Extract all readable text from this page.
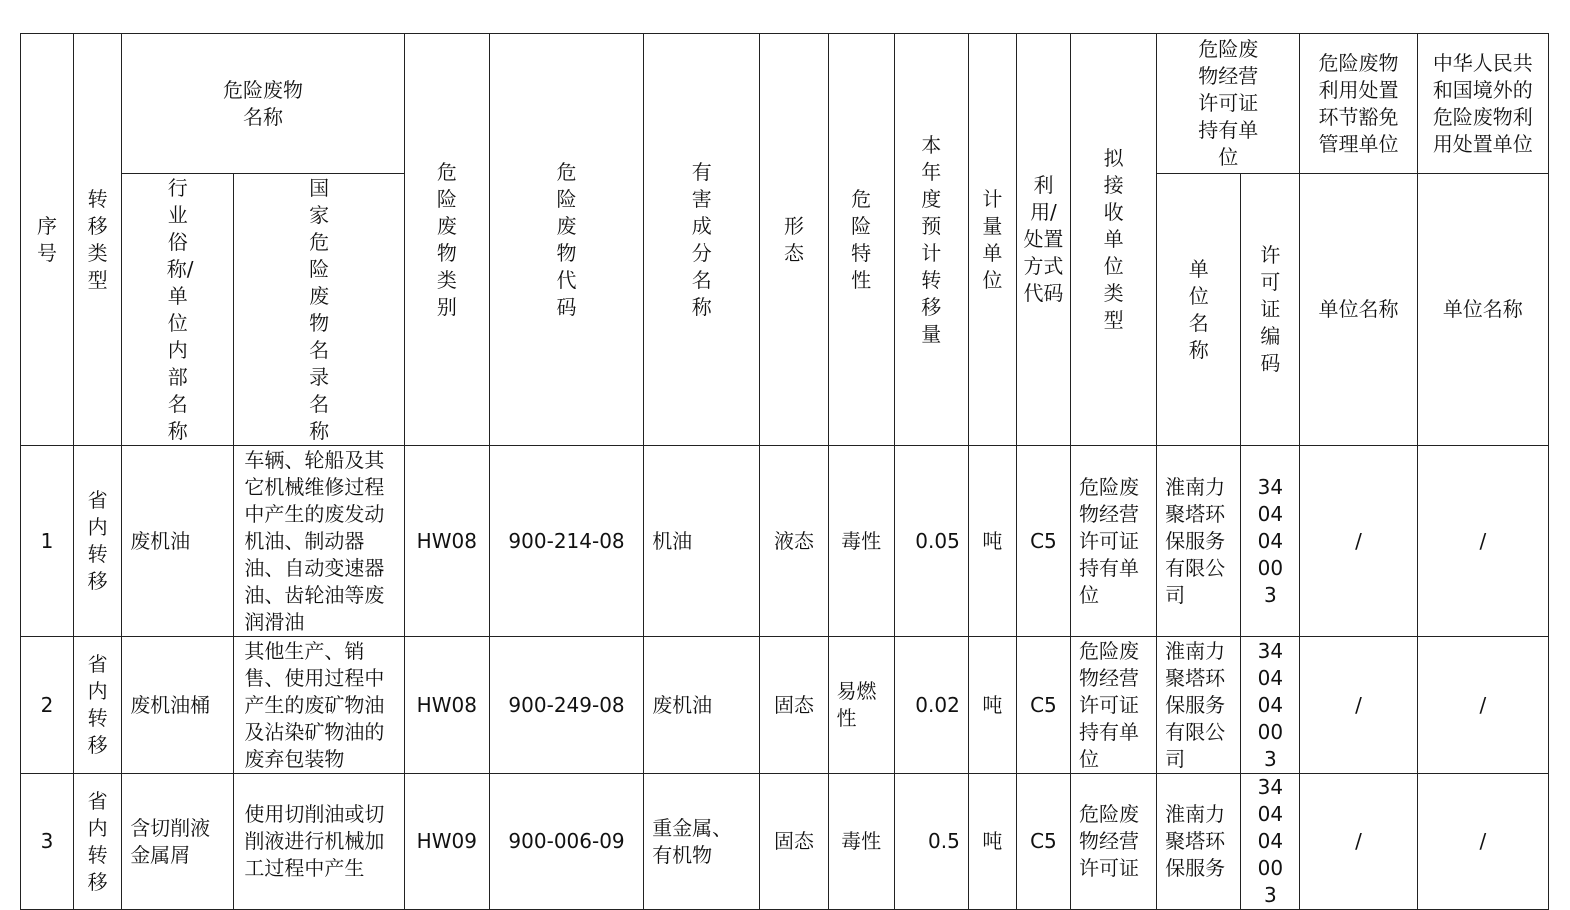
序号	转移类型	危险废物名称		危险废物类别	危险废物代码	有害成分名称	形态	危险特性	本年度预计转移量	计量单位	利用/处置方式代码	拟接收单位类型	危险废物经营许可证持有单位		危险废物利用处置环节豁免管理单位	中华人民共和国境外的危险废物利用处置单位
		行业俗称/单位内部名称	国家危险废物名录名称										单位名称	许可证编码	单位名称	单位名称
1	省内转移	废机油	车辆、轮船及其它机械维修过程中产生的废发动机油、制动器油、自动变速器油、齿轮油等废润滑油	HW08	900-214-08	机油	液态	毒性	0.05	吨	C5	危险废物经营许可证持有单位	淮南力聚塔环保服务有限公司	340404003	/	/
2	省内转移	废机油桶	其他生产、销售、使用过程中产生的废矿物油及沾染矿物油的废弃包装物	HW08	900-249-08	废机油	固态	易燃性	0.02	吨	C5	危险废物经营许可证持有单位	淮南力聚塔环保服务有限公司	340404003	/	/
3	省内转移	含切削液金属屑	使用切削油或切削液进行机械加工过程中产生	HW09	900-006-09	重金属、有机物	固态	毒性	0.5	吨	C5	危险废物经营许可证	淮南力聚塔环保服务	340404003	/	/
